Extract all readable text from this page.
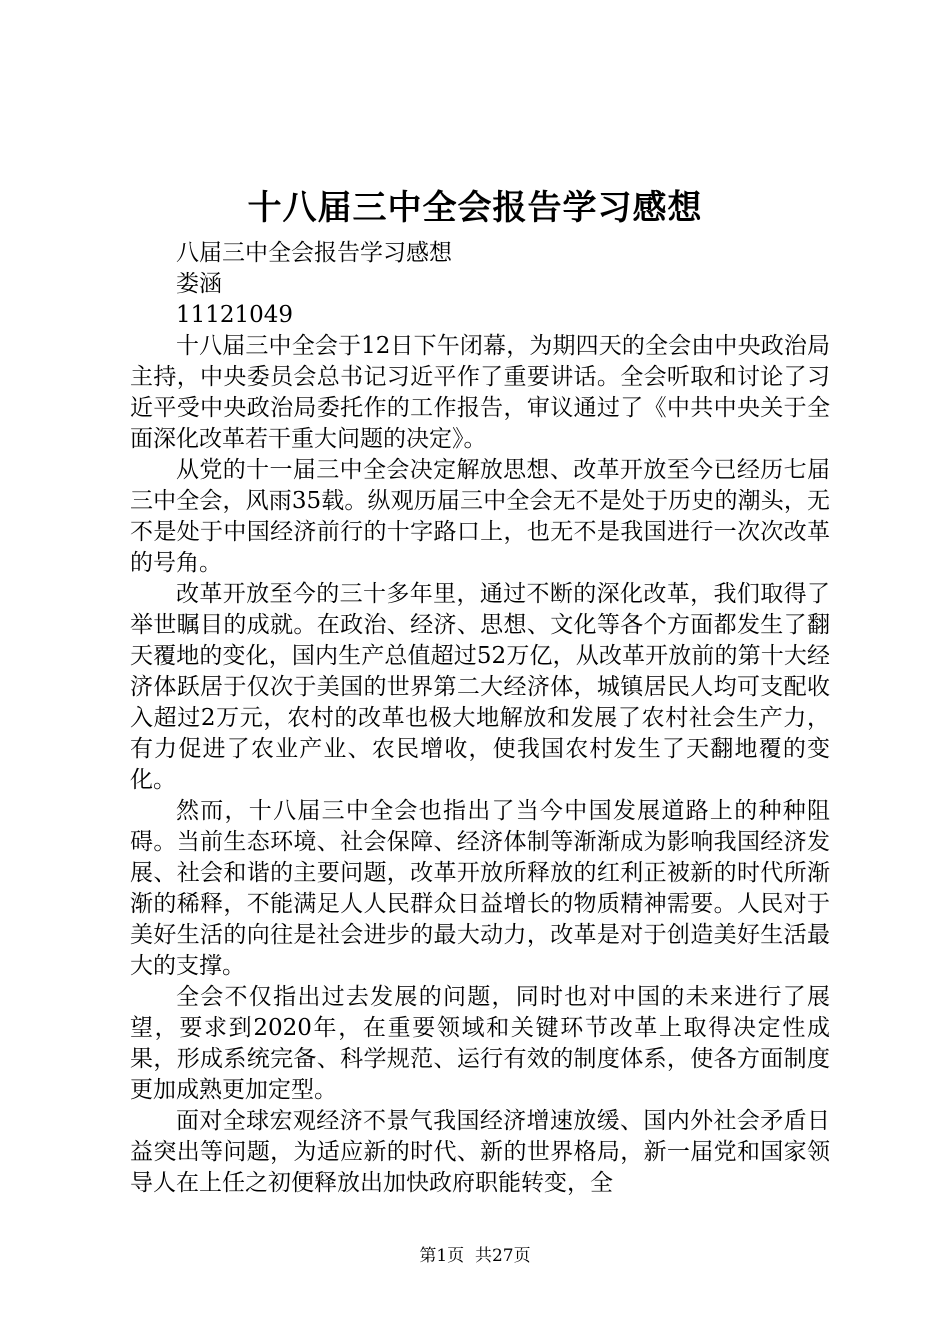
十八届三中全会报告学习感想

八届三中全会报告学习感想

娄涵

11121049

十八届三中全会于12日下午闭幕，为期四天的全会由中央政治局主持，中央委员会总书记习近平作了重要讲话。全会听取和讨论了习近平受中央政治局委托作的工作报告，审议通过了《中共中央关于全面深化改革若干重大问题的决定》。

从党的十一届三中全会决定解放思想、改革开放至今已经历七届三中全会，风雨35载。纵观历届三中全会无不是处于历史的潮头，无不是处于中国经济前行的十字路口上，也无不是我国进行一次次改革的号角。

改革开放至今的三十多年里，通过不断的深化改革，我们取得了举世瞩目的成就。在政治、经济、思想、文化等各个方面都发生了翻天覆地的变化，国内生产总值超过52万亿，从改革开放前的第十大经济体跃居于仅次于美国的世界第二大经济体，城镇居民人均可支配收入超过2万元，农村的改革也极大地解放和发展了农村社会生产力，有力促进了农业产业、农民增收，使我国农村发生了天翻地覆的变化。

然而，十八届三中全会也指出了当今中国发展道路上的种种阻碍。当前生态环境、社会保障、经济体制等渐渐成为影响我国经济发展、社会和谐的主要问题，改革开放所释放的红利正被新的时代所渐渐的稀释，不能满足人人民群众日益增长的物质精神需要。人民对于美好生活的向往是社会进步的最大动力，改革是对于创造美好生活最大的支撑。

全会不仅指出过去发展的问题，同时也对中国的未来进行了展望，要求到2020年，在重要领域和关键环节改革上取得决定性成果，形成系统完备、科学规范、运行有效的制度体系，使各方面制度更加成熟更加定型。

面对全球宏观经济不景气我国经济增速放缓、国内外社会矛盾日益突出等问题，为适应新的时代、新的世界格局，新一届党和国家领导人在上任之初便释放出加快政府职能转变，全

第1页  共27页
